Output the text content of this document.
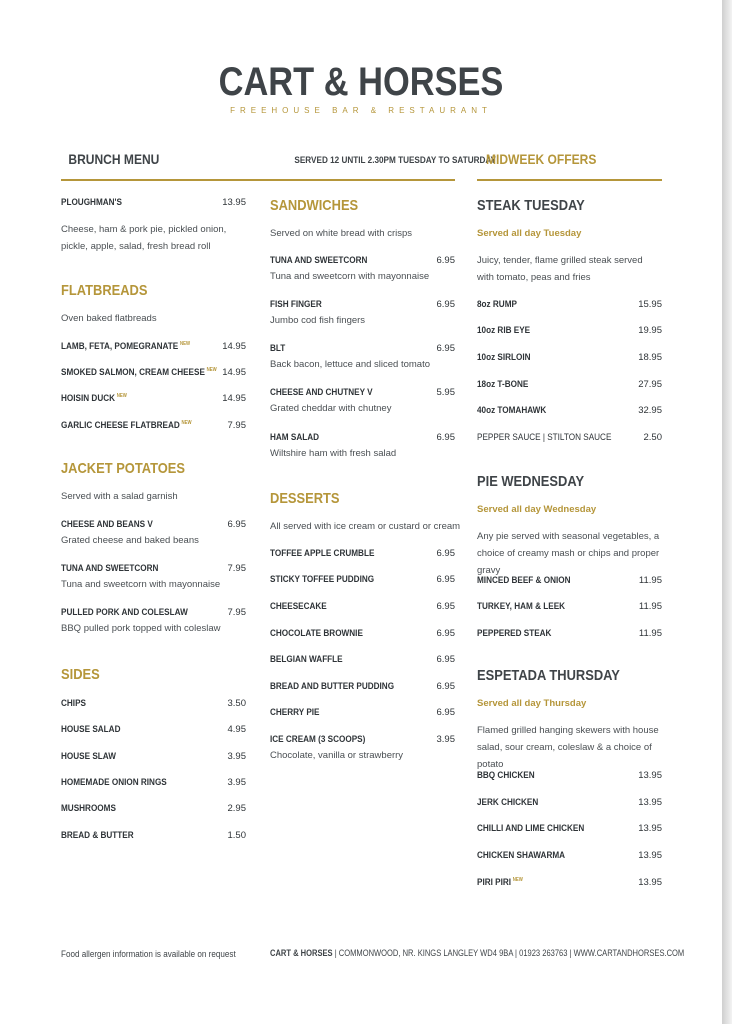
CART & HORSES
FREEHOUSE BAR & RESTAURANT
BRUNCH MENU	SERVED 12 UNTIL 2.30PM TUESDAY TO SATURDAY
MIDWEEK OFFERS
PLOUGHMAN'S	13.95
Cheese, ham & pork pie, pickled onion, pickle, apple, salad, fresh bread roll
FLATBREADS
Oven baked flatbreads
LAMB, FETA, POMEGRANATE $^{NEW}$	14.95
SMOKED SALMON, CREAM CHEESE $^{NEW}$ 14.95
HOISIN DUCK $^{NEW}$	14.95
GARLIC CHEESE FLATBREAD $^{NEW}$	7.95
JACKET POTATOES
Served with a salad garnish
CHEESE AND BEANS V	6.95
Grated cheese and baked beans
TUNA AND SWEETCORN	7.95
Tuna and sweetcorn with mayonnaise
PULLED PORK AND COLESLAW	7.95
BBQ pulled pork topped with coleslaw
SIDES
CHIPS	3.50
HOUSE SALAD	4.95
HOUSE SLAW	3.95
HOMEMADE ONION RINGS	3.95
MUSHROOMS	2.95
BREAD & BUTTER	1.50
SANDWICHES
Served on white bread with crisps
TUNA AND SWEETCORN	6.95
Tuna and sweetcorn with mayonnaise
FISH FINGER	6.95
Jumbo cod fish fingers
BLT	6.95
Back bacon, lettuce and sliced tomato
CHEESE AND CHUTNEY V	5.95
Grated cheddar with chutney
HAM SALAD	6.95
Wiltshire ham with fresh salad
DESSERTS
All served with ice cream or custard or cream
TOFFEE APPLE CRUMBLE	6.95
STICKY TOFFEE PUDDING	6.95
CHEESECAKE	6.95
CHOCOLATE BROWNIE	6.95
BELGIAN WAFFLE	6.95
BREAD AND BUTTER PUDDING	6.95
CHERRY PIE	6.95
ICE CREAM (3 SCOOPS)	3.95
Chocolate, vanilla or strawberry
STEAK TUESDAY
Served all day Tuesday
Juicy, tender, flame grilled steak served with tomato, peas and fries
8oz RUMP	15.95
10oz RIB EYE	19.95
10oz SIRLOIN	18.95
18oz T-BONE	27.95
40oz TOMAHAWK	32.95
PEPPER SAUCE | STILTON SAUCE	2.50
PIE WEDNESDAY
Served all day Wednesday
Any pie served with seasonal vegetables, a choice of creamy mash or chips and proper gravy
MINCED BEEF & ONION	11.95
TURKEY, HAM & LEEK	11.95
PEPPERED STEAK	11.95
ESPETADA THURSDAY
Served all day Thursday
Flamed grilled hanging skewers with house salad, sour cream, coleslaw & a choice of potato
BBQ CHICKEN	13.95
JERK CHICKEN	13.95
CHILLI AND LIME CHICKEN	13.95
CHICKEN SHAWARMA	13.95
PIRI PIRI $^{NEW}$	13.95
Food allergen information is available on request	CART & HORSES | COMMONWOOD, NR. KINGS LANGLEY WD4 9BA | 01923 263763 | WWW.CARTANDHORSES.COM
